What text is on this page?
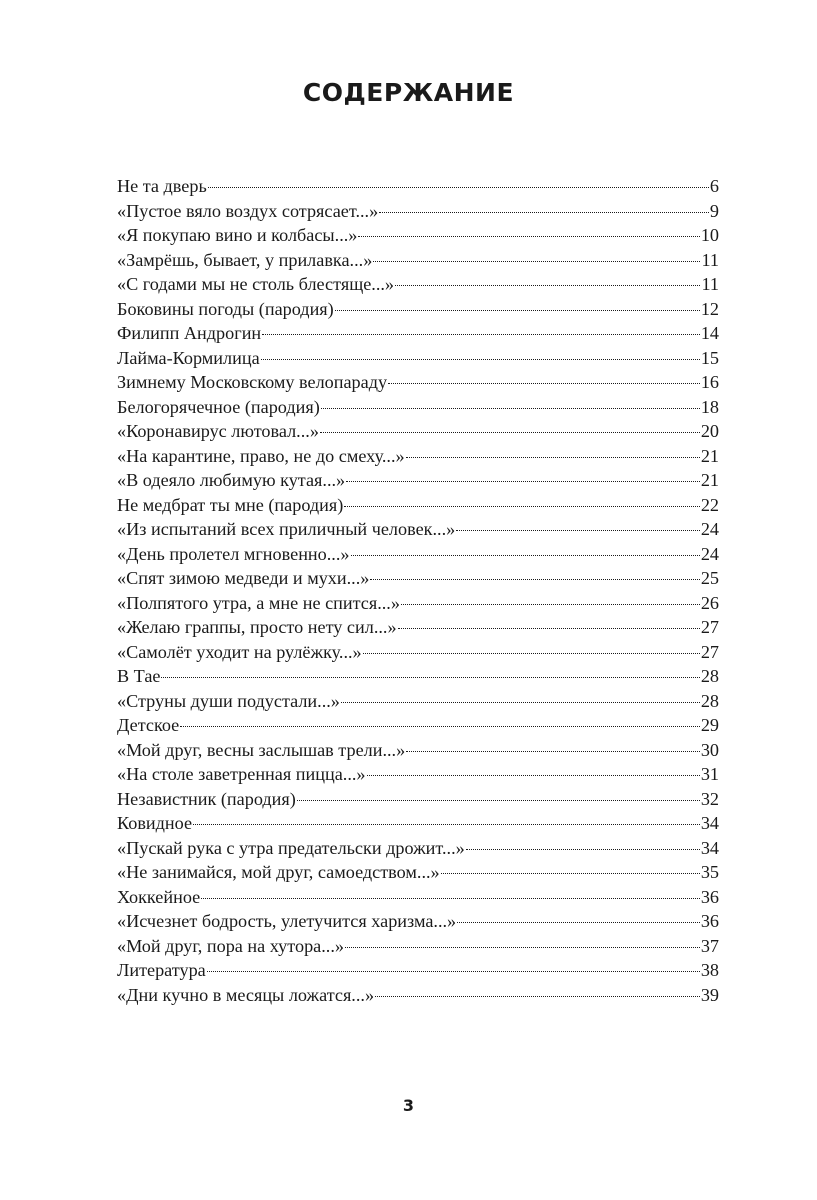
СОДЕРЖАНИЕ
Не та дверь	6
«Пустое вяло воздух сотрясает...»	9
«Я покупаю вино и колбасы...»	10
«Замрёшь, бывает, у прилавка...»	11
«С годами мы не столь блестяще...»	11
Боковины погоды (пародия)	12
Филипп Андрогин	14
Лайма-Кормилица	15
Зимнему Московскому велопараду	16
Белогорячечное (пародия)	18
«Коронавирус лютовал...»	20
«На карантине, право, не до смеху...»	21
«В одеяло любимую кутая...»	21
Не медбрат ты мне (пародия)	22
«Из испытаний всех приличный человек...»	24
«День пролетел мгновенно...»	24
«Спят зимою медведи и мухи...»	25
«Полпятого утра, а мне не спится...»	26
«Желаю граппы, просто нету сил...»	27
«Самолёт уходит на рулёжку...»	27
В Тае	28
«Струны души подустали...»	28
Детское	29
«Мой друг, весны заслышав трели...»	30
«На столе заветренная пицца...»	31
Независтник (пародия)	32
Ковидное	34
«Пускай рука с утра предательски дрожит...»	34
«Не занимайся, мой друг, самоедством...»	35
Хоккейное	36
«Исчезнет бодрость, улетучится харизма...»	36
«Мой друг, пора на хутора...»	37
Литература	38
«Дни кучно в месяцы ложатся...»	39
3
